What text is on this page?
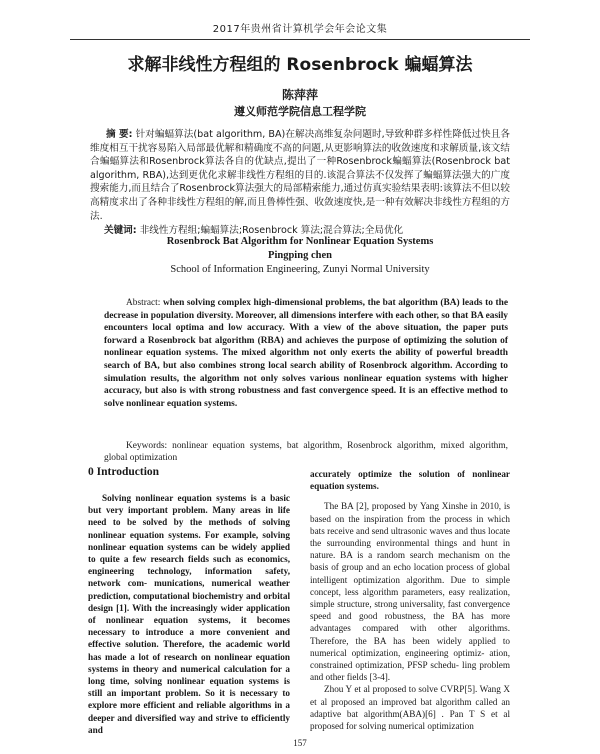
2017年贵州省计算机学会年会论文集
求解非线性方程组的 Rosenbrock 蝙蝠算法
陈萍萍
遵义师范学院信息工程学院
摘 要: 针对蝙蝠算法(bat algorithm, BA)在解决高维复杂问题时,导致种群多样性降低过快且各维度相互干扰容易陷入局部最优解和精确度不高的问题,从更影响算法的收敛速度和求解质量,该文结合蝙蝠算法和Rosenbrock算法各自的优缺点,提出了一种Rosenbrock蝙蝠算法(Rosenbrock bat algorithm, RBA),达到更优化求解非线性方程组的目的.该混合算法不仅发挥了蝙蝠算法强大的广度搜索能力,而且结合了Rosenbrock算法强大的局部精索能力,通过仿真实验结果表明:该算法不但以较高精度求出了各种非线性方程组的解,而且鲁棒性强、收敛速度快,是一种有效解决非线性方程组的方法.
关键词: 非线性方程组;蝙蝠算法;Rosenbrock 算法;混合算法;全局优化
Rosenbrock Bat Algorithm for Nonlinear Equation Systems
Pingping chen
School of Information Engineering, Zunyi Normal University
Abstract: when solving complex high-dimensional problems, the bat algorithm (BA) leads to the decrease in population diversity. Moreover, all dimensions interfere with each other, so that BA easily encounters local optima and low accuracy. With a view of the above situation, the paper puts forward a Rosenbrock bat algorithm (RBA) and achieves the purpose of optimizing the solution of nonlinear equation systems. The mixed algorithm not only exerts the ability of powerful breadth search of BA, but also combines strong local search ability of Rosenbrock algorithm. According to simulation results, the algorithm not only solves various nonlinear equation systems with higher accuracy, but also is with strong robustness and fast convergence speed. It is an effective method to solve nonlinear equation systems.
Keywords: nonlinear equation systems, bat algorithm, Rosenbrock algorithm, mixed algorithm, global optimization
0 Introduction

Solving nonlinear equation systems is a basic but very important problem. Many areas in life need to be solved by the methods of solving nonlinear equation systems. For example, solving nonlinear equation systems can be widely applied to quite a few research fields such as economics, engineering technology, information safety, network com- munications, numerical weather prediction, computational biochemistry and orbital design [1]. With the increasingly wider application of nonlinear equation systems, it becomes necessary to introduce a more convenient and effective solution. Therefore, the academic world has made a lot of research on nonlinear equation systems in theory and numerical calculation for a long time, solving nonlinear equation systems is still an important problem. So it is necessary to explore more efficient and reliable algorithms in a deeper and diversified way and strive to efficiently and

accurately optimize the solution of nonlinear equation systems.

The BA [2], proposed by Yang Xinshe in 2010, is based on the inspiration from the process in which bats receive and send ultrasonic waves and thus locate the surrounding environmental things and hunt in nature. BA is a random search mechanism on the basis of group and an echo location process of global intelligent optimization algorithm. Due to simple concept, less algorithm parameters, easy realization, simple structure, strong universality, fast convergence speed and good robustness, the BA has more advantages compared with other algorithms. Therefore, the BA has been widely applied to numerical optimization, engineering optimiz- ation, constrained optimization, PFSP schedu- ling problem and other fields [3-4].

Zhou Y et al proposed to solve CVRP[5]. Wang X et al proposed an improved bat algorithm called an adaptive bat algorithm(ABA)[6] . Pan T S et al proposed for solving numerical optimization

157
